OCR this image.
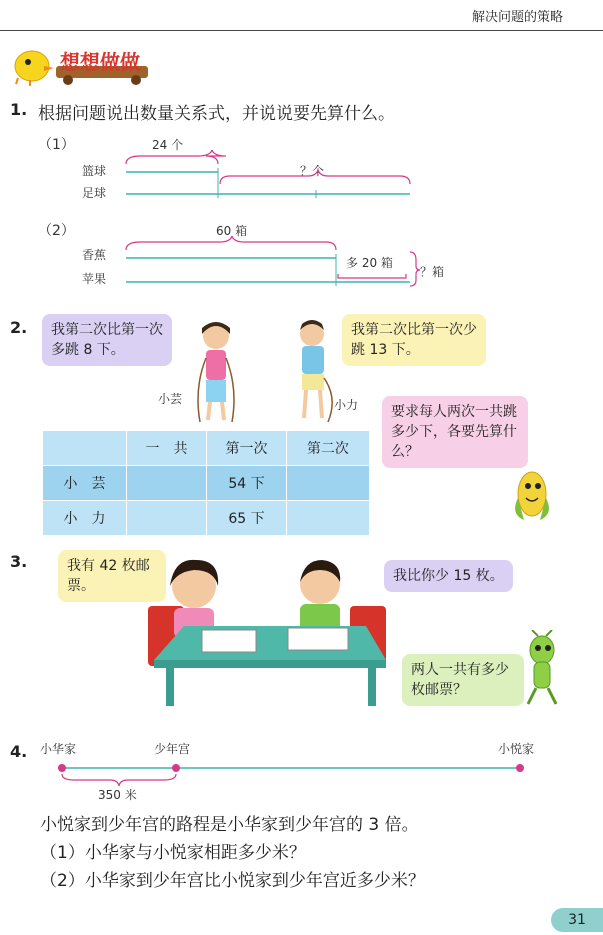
解决问题的策略
想想做做
1. 根据问题说出数量关系式，并说说要先算什么。
（1）	24 个
篮球
足球
？个
（2）	60 箱
香蕉
苹果
多 20 箱
？箱
2.	我第二次比第一次多跳 8 下。
我第二次比第一次少跳 13 下。
小芸	小力	要求每人两次一共跳多少下，各要先算什么？
	一　共	第一次	第二次
小　芸		54 下	
小　力		65 下	
3.	我有 42 枚邮票。
我比你少 15 枚。
两人一共有多少枚邮票？
4. 小华家	少年宫	小悦家
350 米
小悦家到少年宫的路程是小华家到少年宫的 3 倍。
（1）小华家与小悦家相距多少米？
（2）小华家到少年宫比小悦家到少年宫近多少米？
31
